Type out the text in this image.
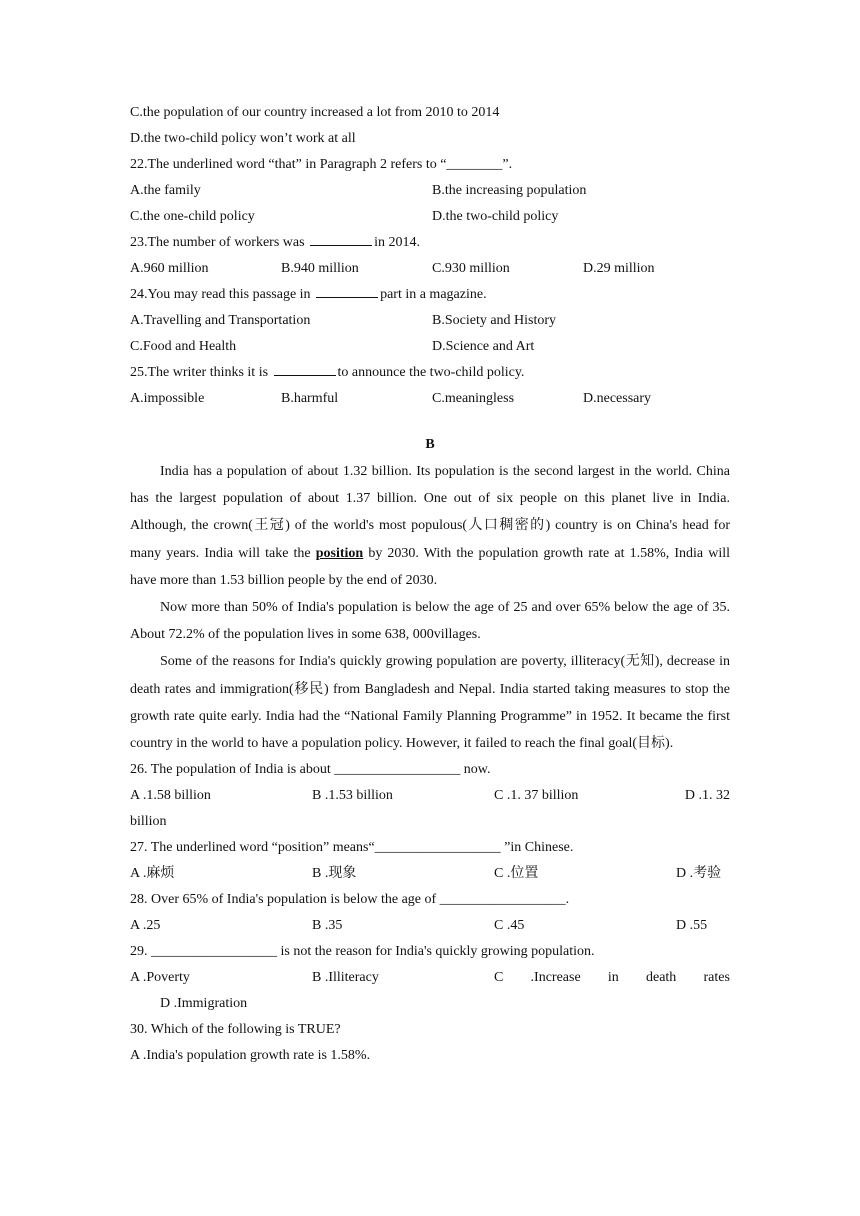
C.the population of our country increased a lot from 2010 to 2014
D.the two-child policy won’t work at all
22.The underlined word “that” in Paragraph 2 refers to “________”.
A.the family	B.the increasing population
C.the one-child policy	D.the two-child policy
23.The number of workers was	in 2014.
A.960 million	B.940 million	C.930 million	D.29 million
24.You may read this passage in	part in a magazine.
A.Travelling and Transportation	B.Society and History
C.Food and Health	D.Science and Art
25.The writer thinks it is	to announce the two-child policy.
A.impossible	B.harmful	C.meaningless	D.necessary
B
India has a population of about 1.32 billion. Its population is the second largest in the world. China has the largest population of about 1.37 billion. One out of six people on this planet live in India. Although, the crown(王冠) of the world's most populous(人口稠密的) country is on China's head for many years. India will take the position by 2030. With the population growth rate at 1.58%, India will have more than 1.53 billion people by the end of 2030.
Now more than 50% of India's population is below the age of 25 and over 65% below the age of 35. About 72.2% of the population lives in some 638, 000villages.
Some of the reasons for India's quickly growing population are poverty, illiteracy(无知), decrease in death rates and immigration(移民) from Bangladesh and Nepal. India started taking measures to stop the growth rate quite early. India had the “National Family Planning Programme” in 1952. It became the first country in the world to have a population policy. However, it failed to reach the final goal(目标).
26. The population of India is about __________________ now.
A .1.58 billion	B .1.53 billion	C .1. 37 billion	D .1. 32
billion
27. The underlined word “position” means“__________________ ”in Chinese.
A .麻烦	B .现象	C .位置	D .考验
28. Over 65% of India's population is below the age of __________________.
A .25	B .35	C .45	D .55
29. __________________ is not the reason for India's quickly growing population.
A .Poverty	B .Illiteracy	C .Increase in death rates
D .Immigration
30. Which of the following is TRUE?
A .India's population growth rate is 1.58%.
